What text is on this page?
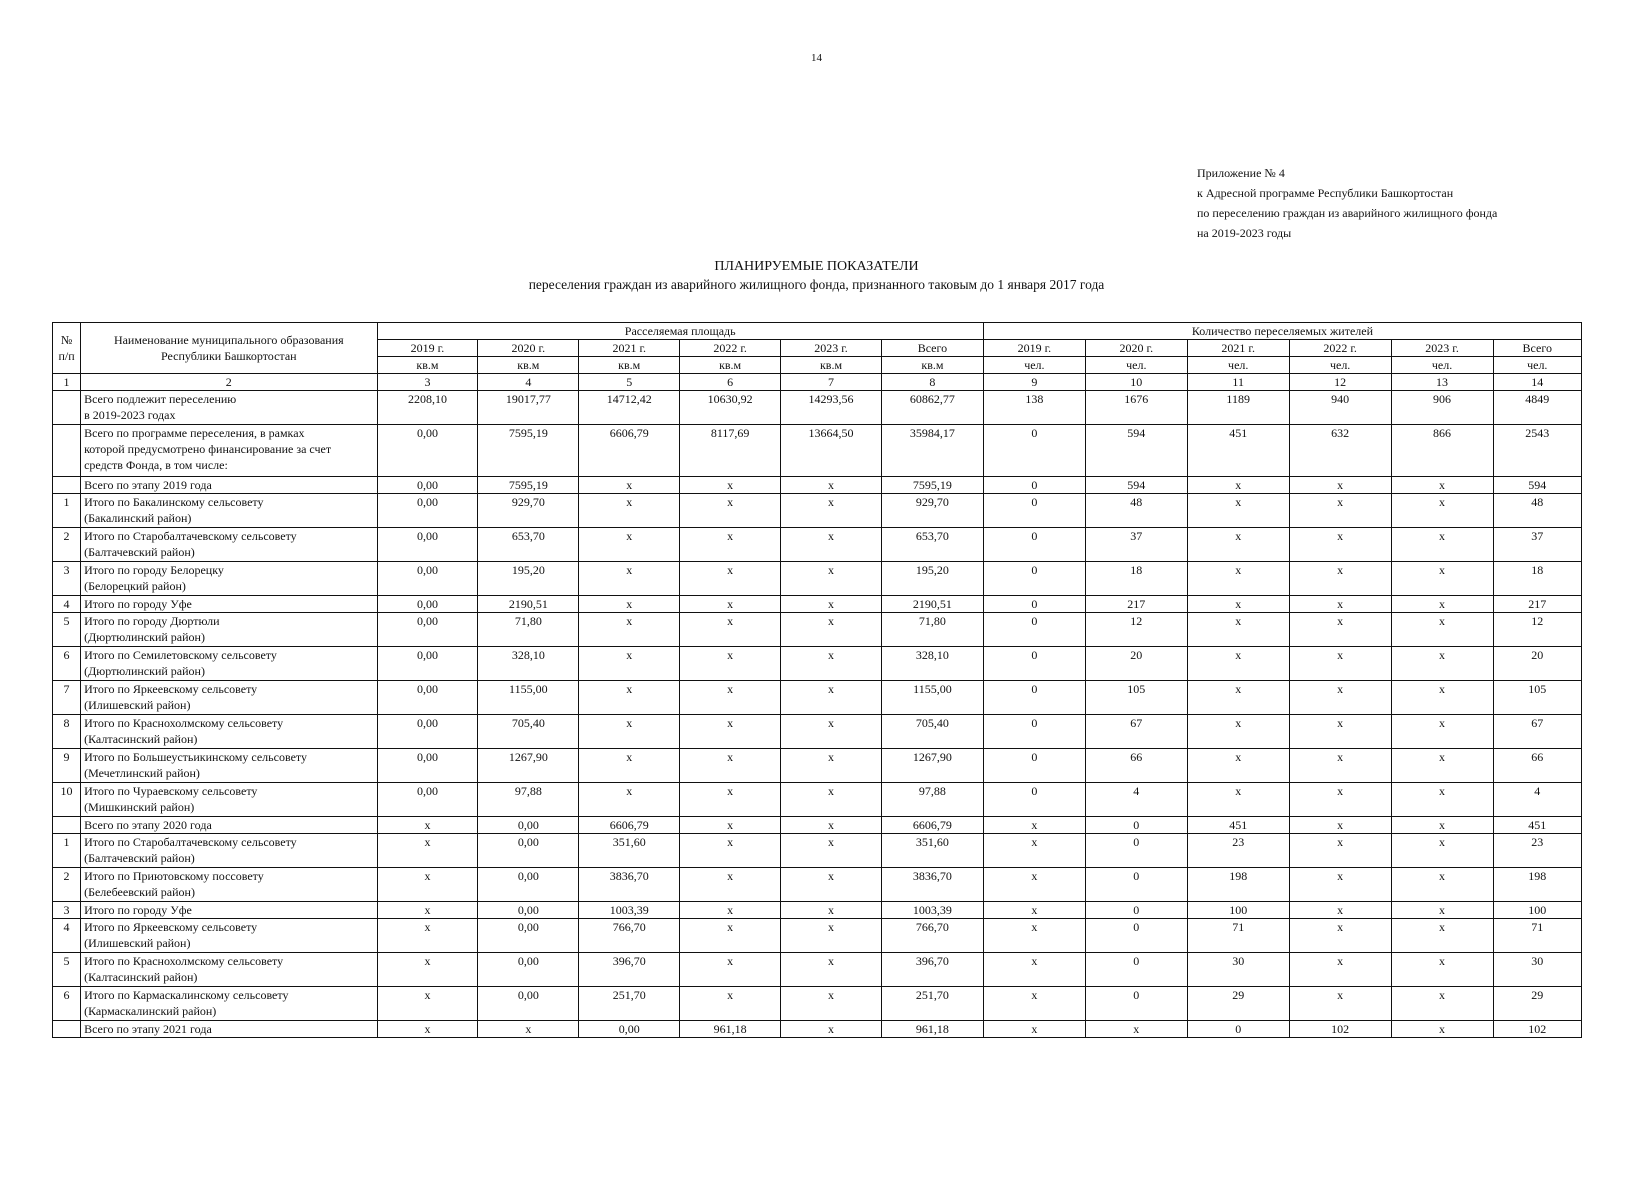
14
Приложение № 4
к Адресной программе Республики Башкортостан
по переселению граждан из аварийного жилищного фонда
на 2019-2023 годы
ПЛАНИРУЕМЫЕ ПОКАЗАТЕЛИ
переселения граждан из аварийного жилищного фонда, признанного таковым до 1 января 2017 года
№ п/п	Наименование муниципального образования Республики Башкортостан	Расселяемая площадь						Количество переселяемых жителей					
		2019 г.	2020 г.	2021 г.	2022 г.	2023 г.	Всего	2019 г.	2020 г.	2021 г.	2022 г.	2023 г.	Всего
		кв.м	кв.м	кв.м	кв.м	кв.м	кв.м	чел.	чел.	чел.	чел.	чел.	чел.
1	2	3	4	5	6	7	8	9	10	11	12	13	14

	Всего подлежит переселению
в 2019-2023 годах	2208,10	19017,77	14712,42	10630,92	14293,56	60862,77	138	1676	1189	940	906	4849

	Всего по программе переселения, в рамках
которой предусмотрено финансирование за счет
средств Фонда, в том числе:	0,00	7595,19	6606,79	8117,69	13664,50	35984,17	0	594	451	632	866	2543

	Всего по этапу 2019 года	0,00	7595,19	x	x	x	7595,19	0	594	x	x	x	594
1	Итого по Бакалинскому сельсовету
(Бакалинский район)	0,00	929,70	x	x	x	929,70	0	48	x	x	x	48
2	Итого по Старобалтачевскому сельсовету
(Балтачевский район)	0,00	653,70	x	x	x	653,70	0	37	x	x	x	37
3	Итого по городу Белорецку
(Белорецкий район)	0,00	195,20	x	x	x	195,20	0	18	x	x	x	18
4	Итого по городу Уфе	0,00	2190,51	x	x	x	2190,51	0	217	x	x	x	217
5	Итого по городу Дюртюли
(Дюртюлинский район)	0,00	71,80	x	x	x	71,80	0	12	x	x	x	12
6	Итого по Семилетовскому сельсовету
(Дюртюлинский район)	0,00	328,10	x	x	x	328,10	0	20	x	x	x	20
7	Итого по Яркеевскому сельсовету
(Илишевский район)	0,00	1155,00	x	x	x	1155,00	0	105	x	x	x	105
8	Итого по Краснохолмскому сельсовету
(Калтасинский район)	0,00	705,40	x	x	x	705,40	0	67	x	x	x	67
9	Итого по Большеустьикинскому сельсовету
(Мечетлинский район)	0,00	1267,90	x	x	x	1267,90	0	66	x	x	x	66
10	Итого по Чураевскому сельсовету
(Мишкинский район)	0,00	97,88	x	x	x	97,88	0	4	x	x	x	4

	Всего по этапу 2020 года	x	0,00	6606,79	x	x	6606,79	x	0	451	x	x	451
1	Итого по Старобалтачевскому сельсовету
(Балтачевский район)	x	0,00	351,60	x	x	351,60	x	0	23	x	x	23
2	Итого по Приютовскому поссовету
(Белебеевский район)	x	0,00	3836,70	x	x	3836,70	x	0	198	x	x	198
3	Итого по городу Уфе	x	0,00	1003,39	x	x	1003,39	x	0	100	x	x	100
4	Итого по Яркеевскому сельсовету
(Илишевский район)	x	0,00	766,70	x	x	766,70	x	0	71	x	x	71
5	Итого по Краснохолмскому сельсовету
(Калтасинский район)	x	0,00	396,70	x	x	396,70	x	0	30	x	x	30
6	Итого по Кармаскалинскому сельсовету
(Кармаскалинский район)	x	0,00	251,70	x	x	251,70	x	0	29	x	x	29

	Всего по этапу 2021 года	x	x	0,00	961,18	x	961,18	x	x	0	102	x	102
